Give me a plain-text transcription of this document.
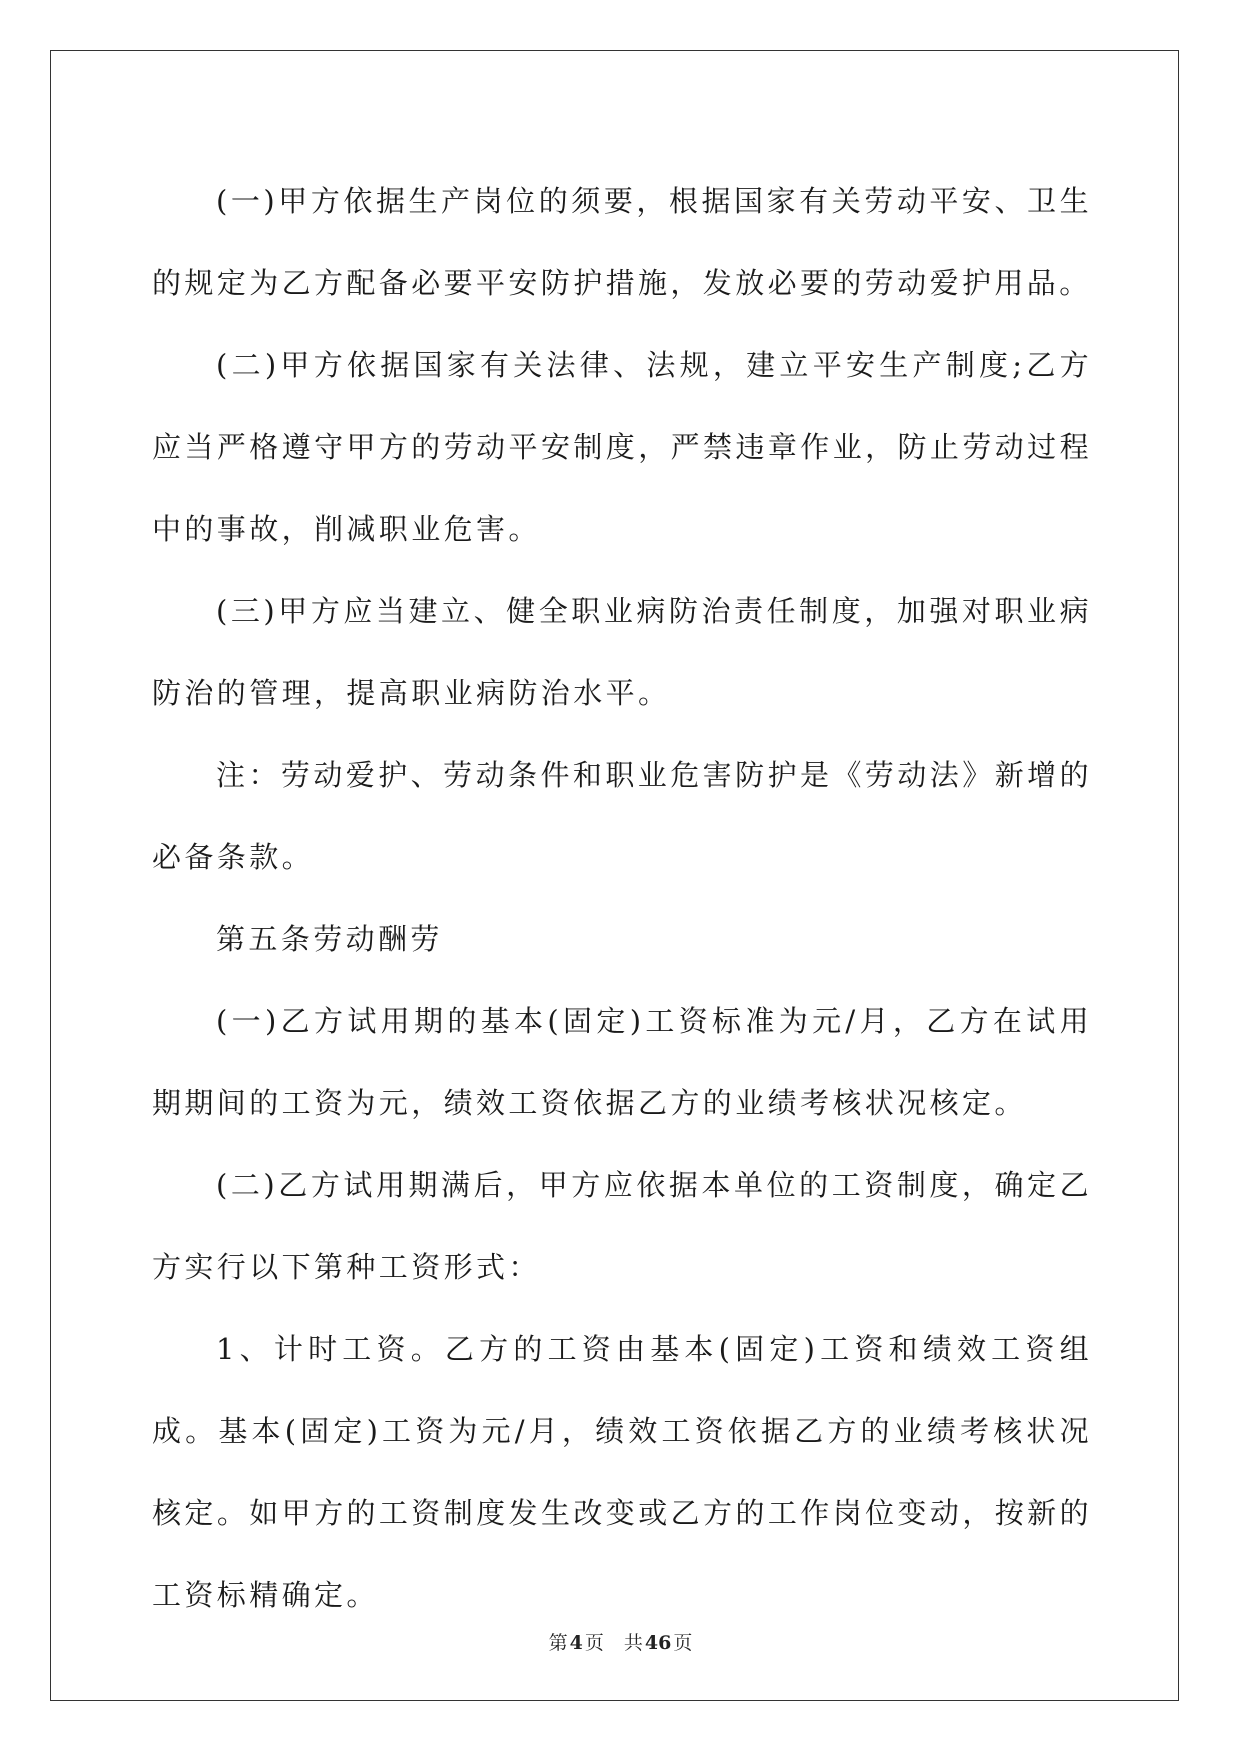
(一)甲方依据生产岗位的须要，根据国家有关劳动平安、卫生的规定为乙方配备必要平安防护措施，发放必要的劳动爱护用品。

(二)甲方依据国家有关法律、法规，建立平安生产制度;乙方应当严格遵守甲方的劳动平安制度，严禁违章作业，防止劳动过程中的事故，削减职业危害。

(三)甲方应当建立、健全职业病防治责任制度，加强对职业病防治的管理，提高职业病防治水平。

注：劳动爱护、劳动条件和职业危害防护是《劳动法》新增的必备条款。

第五条劳动酬劳

(一)乙方试用期的基本(固定)工资标准为元/月，乙方在试用期期间的工资为元，绩效工资依据乙方的业绩考核状况核定。

(二)乙方试用期满后，甲方应依据本单位的工资制度，确定乙方实行以下第种工资形式：

1、计时工资。乙方的工资由基本(固定)工资和绩效工资组成。基本(固定)工资为元/月，绩效工资依据乙方的业绩考核状况核定。如甲方的工资制度发生改变或乙方的工作岗位变动，按新的工资标精确定。

第 4 页 共 46 页
